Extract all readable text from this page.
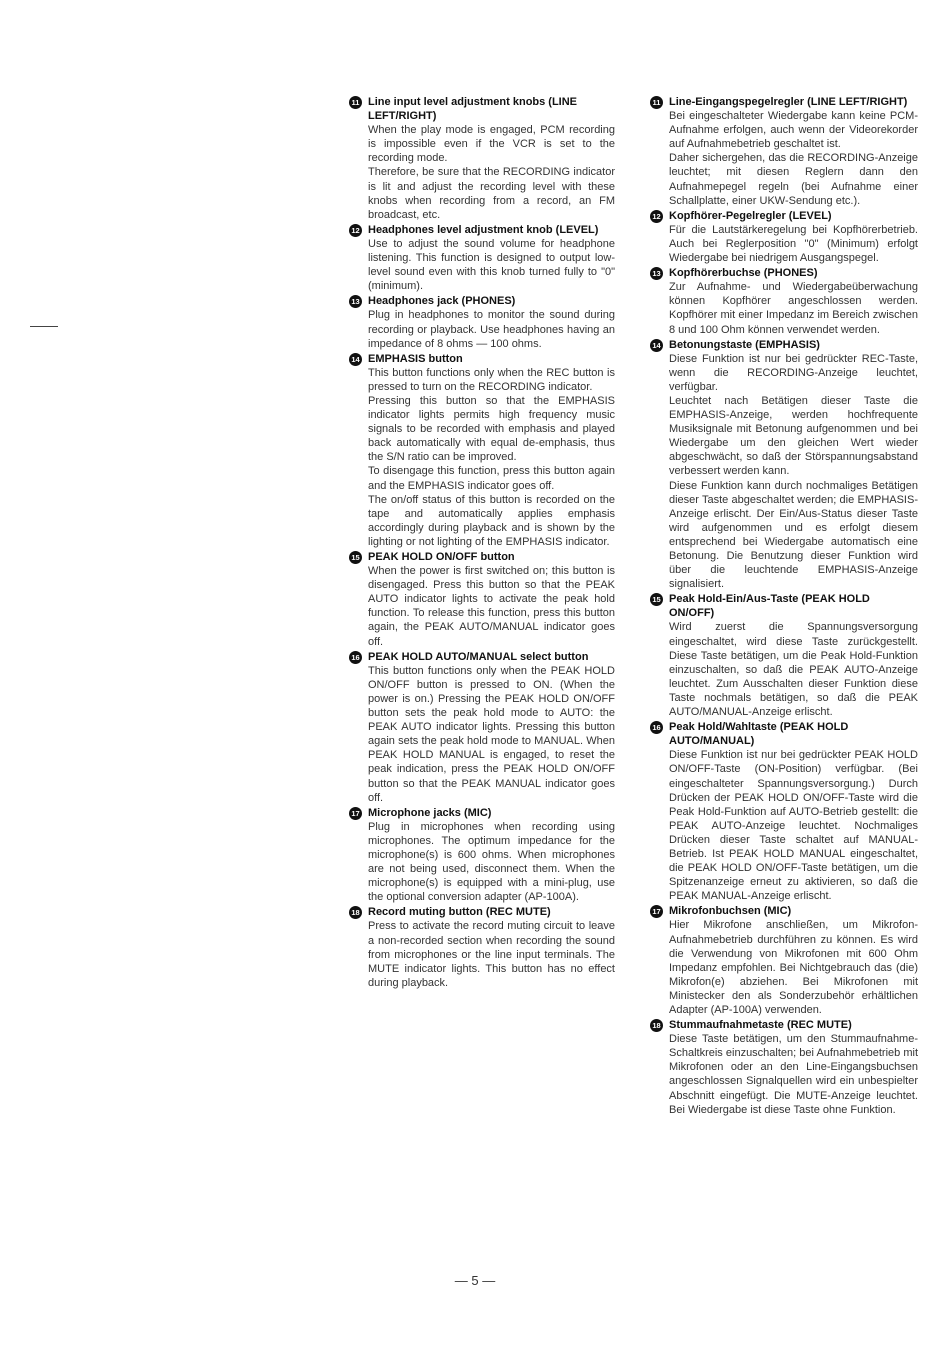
11 Line input level adjustment knobs (LINE LEFT/RIGHT)

When the play mode is engaged, PCM recording is impossible even if the VCR is set to the recording mode.

Therefore, be sure that the RECORDING indicator is lit and adjust the recording level with these knobs when recording from a record, an FM broadcast, etc.

12 Headphones level adjustment knob (LEVEL)

Use to adjust the sound volume for headphone listening. This function is designed to output low-level sound even with this knob turned fully to "0" (minimum).

13 Headphones jack (PHONES)

Plug in headphones to monitor the sound during recording or playback. Use headphones having an impedance of 8 ohms — 100 ohms.

14 EMPHASIS button

This button functions only when the REC button is pressed to turn on the RECORDING indicator.

Pressing this button so that the EMPHASIS indicator lights permits high frequency music signals to be recorded with emphasis and played back automatically with equal de-emphasis, thus the S/N ratio can be improved.

To disengage this function, press this button again and the EMPHASIS indicator goes off.

The on/off status of this button is recorded on the tape and automatically applies emphasis accordingly during playback and is shown by the lighting or not lighting of the EMPHASIS indicator.

15 PEAK HOLD ON/OFF button

When the power is first switched on; this button is disengaged. Press this button so that the PEAK AUTO indicator lights to activate the peak hold function. To release this function, press this button again, the PEAK AUTO/MANUAL indicator goes off.

16 PEAK HOLD AUTO/MANUAL select button

This button functions only when the PEAK HOLD ON/OFF button is pressed to ON. (When the power is on.) Pressing the PEAK HOLD ON/OFF button sets the peak hold mode to AUTO: the PEAK AUTO indicator lights. Pressing this button again sets the peak hold mode to MANUAL. When PEAK HOLD MANUAL is engaged, to reset the peak indication, press the PEAK HOLD ON/OFF button so that the PEAK MANUAL indicator goes off.

17 Microphone jacks (MIC)

Plug in microphones when recording using microphones. The optimum impedance for the microphone(s) is 600 ohms. When microphones are not being used, disconnect them. When the microphone(s) is equipped with a mini-plug, use the optional conversion adapter (AP-100A).

18 Record muting button (REC MUTE)

Press to activate the record muting circuit to leave a non-recorded section when recording the sound from microphones or the line input terminals. The MUTE indicator lights. This button has no effect during playback.

11 Line-Eingangspegelregler (LINE LEFT/RIGHT)

Bei eingeschalteter Wiedergabe kann keine PCM-Aufnahme erfolgen, auch wenn der Videorekorder auf Aufnahmebetrieb geschaltet ist.

Daher sichergehen, das die RECORDING-Anzeige leuchtet; mit diesen Reglern dann den Aufnahmepegel regeln (bei Aufnahme einer Schallplatte, einer UKW-Sendung etc.).

12 Kopfhörer-Pegelregler (LEVEL)

Für die Lautstärkeregelung bei Kopfhörerbetrieb. Auch bei Reglerposition "0" (Minimum) erfolgt Wiedergabe bei niedrigem Ausgangspegel.

13 Kopfhörerbuchse (PHONES)

Zur Aufnahme- und Wiedergabeüberwachung können Kopfhörer angeschlossen werden. Kopfhörer mit einer Impedanz im Bereich zwischen 8 und 100 Ohm können verwendet werden.

14 Betonungstaste (EMPHASIS)

Diese Funktion ist nur bei gedrückter REC-Taste, wenn die RECORDING-Anzeige leuchtet, verfügbar.

Leuchtet nach Betätigen dieser Taste die EMPHASIS-Anzeige, werden hochfrequente Musiksignale mit Betonung aufgenommen und bei Wiedergabe um den gleichen Wert wieder abgeschwächt, so daß der Störspannungsabstand verbessert werden kann.

Diese Funktion kann durch nochmaliges Betätigen dieser Taste abgeschaltet werden; die EMPHASIS-Anzeige erlischt. Der Ein/Aus-Status dieser Taste wird aufgenommen und es erfolgt diesem entsprechend bei Wiedergabe automatisch eine Betonung. Die Benutzung dieser Funktion wird über die leuchtende EMPHASIS-Anzeige signalisiert.

15 Peak Hold-Ein/Aus-Taste (PEAK HOLD ON/OFF)

Wird zuerst die Spannungsversorgung eingeschaltet, wird diese Taste zurückgestellt. Diese Taste betätigen, um die Peak Hold-Funktion einzuschalten, so daß die PEAK AUTO-Anzeige leuchtet. Zum Ausschalten dieser Funktion diese Taste nochmals betätigen, so daß die PEAK AUTO/MANUAL-Anzeige erlischt.

16 Peak Hold/Wahltaste (PEAK HOLD AUTO/MANUAL)

Diese Funktion ist nur bei gedrückter PEAK HOLD ON/OFF-Taste (ON-Position) verfügbar. (Bei eingeschalteter Spannungsversorgung.) Durch Drücken der PEAK HOLD ON/OFF-Taste wird die Peak Hold-Funktion auf AUTO-Betrieb gestellt: die PEAK AUTO-Anzeige leuchtet. Nochmaliges Drücken dieser Taste schaltet auf MANUAL-Betrieb. Ist PEAK HOLD MANUAL eingeschaltet, die PEAK HOLD ON/OFF-Taste betätigen, um die Spitzenanzeige erneut zu aktivieren, so daß die PEAK MANUAL-Anzeige erlischt.

17 Mikrofonbuchsen (MIC)

Hier Mikrofone anschließen, um Mikrofon-Aufnahmebetrieb durchführen zu können. Es wird die Verwendung von Mikrofonen mit 600 Ohm Impedanz empfohlen. Bei Nichtgebrauch das (die) Mikrofon(e) abziehen. Bei Mikrofonen mit Ministecker den als Sonderzubehör erhältlichen Adapter (AP-100A) verwenden.

18 Stummaufnahmetaste (REC MUTE)

Diese Taste betätigen, um den Stummaufnahme-Schaltkreis einzuschalten; bei Aufnahmebetrieb mit Mikrofonen oder an den Line-Eingangsbuchsen angeschlossen Signalquellen wird ein unbespielter Abschnitt eingefügt. Die MUTE-Anzeige leuchtet. Bei Wiedergabe ist diese Taste ohne Funktion.

— 5 —
